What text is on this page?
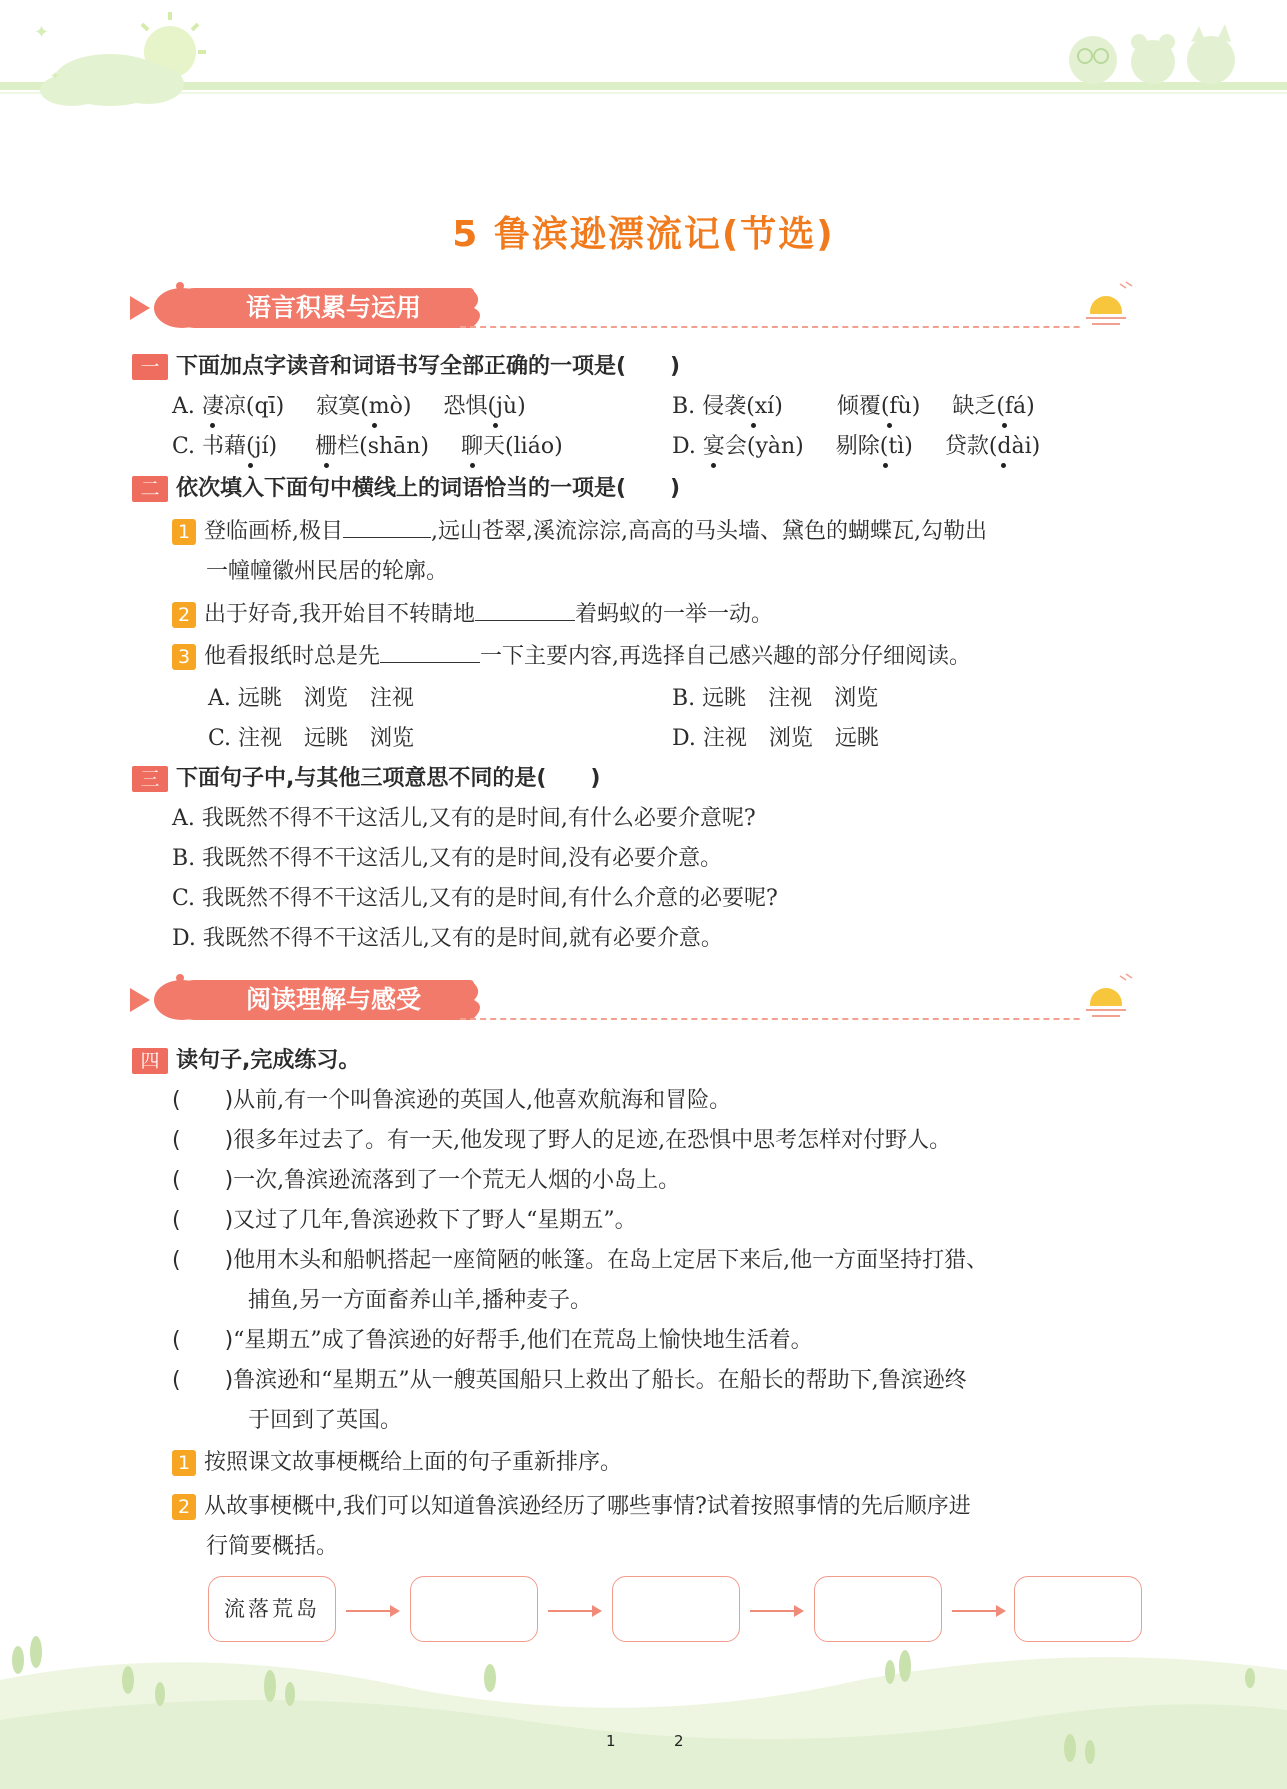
✦
✦
5 鲁滨逊漂流记(节选)
语言积累与运用
一 下面加点字读音和词语书写全部正确的一项是(　　)
A. 凄凉(qī) 寂寞(mò) 恐惧(jù)	B. 侵袭(xí) 倾覆(fù) 缺乏(fá)
C. 书藉(jí) 栅栏(shān) 聊天(liáo)	D. 宴会(yàn) 剔除(tì) 贷款(dài)
二 依次填入下面句中横线上的词语恰当的一项是(　　)
1 登临画桥,极目	,远山苍翠,溪流淙淙,高高的马头墙、黛色的蝴蝶瓦,勾勒出
一幢幢徽州民居的轮廓。
2 出于好奇,我开始目不转睛地	着蚂蚁的一举一动。
3 他看报纸时总是先	一下主要内容,再选择自己感兴趣的部分仔细阅读。
A. 远眺　浏览　注视	B. 远眺　注视　浏览
C. 注视　远眺　浏览	D. 注视　浏览　远眺
三 下面句子中,与其他三项意思不同的是(　　)
A. 我既然不得不干这活儿,又有的是时间,有什么必要介意呢?
B. 我既然不得不干这活儿,又有的是时间,没有必要介意。
C. 我既然不得不干这活儿,又有的是时间,有什么介意的必要呢?
D. 我既然不得不干这活儿,又有的是时间,就有必要介意。
阅读理解与感受
四 读句子,完成练习。
(　　)从前,有一个叫鲁滨逊的英国人,他喜欢航海和冒险。
(　　)很多年过去了。有一天,他发现了野人的足迹,在恐惧中思考怎样对付野人。
(　　)一次,鲁滨逊流落到了一个荒无人烟的小岛上。
(　　)又过了几年,鲁滨逊救下了野人“星期五”。
(　　)他用木头和船帆搭起一座简陋的帐篷。在岛上定居下来后,他一方面坚持打猎、
捕鱼,另一方面畜养山羊,播种麦子。
(　　)“星期五”成了鲁滨逊的好帮手,他们在荒岛上愉快地生活着。
(　　)鲁滨逊和“星期五”从一艘英国船只上救出了船长。在船长的帮助下,鲁滨逊终
于回到了英国。
1 按照课文故事梗概给上面的句子重新排序。
2 从故事梗概中,我们可以知道鲁滨逊经历了哪些事情?试着按照事情的先后顺序进
行简要概括。
流落荒岛
1	2
